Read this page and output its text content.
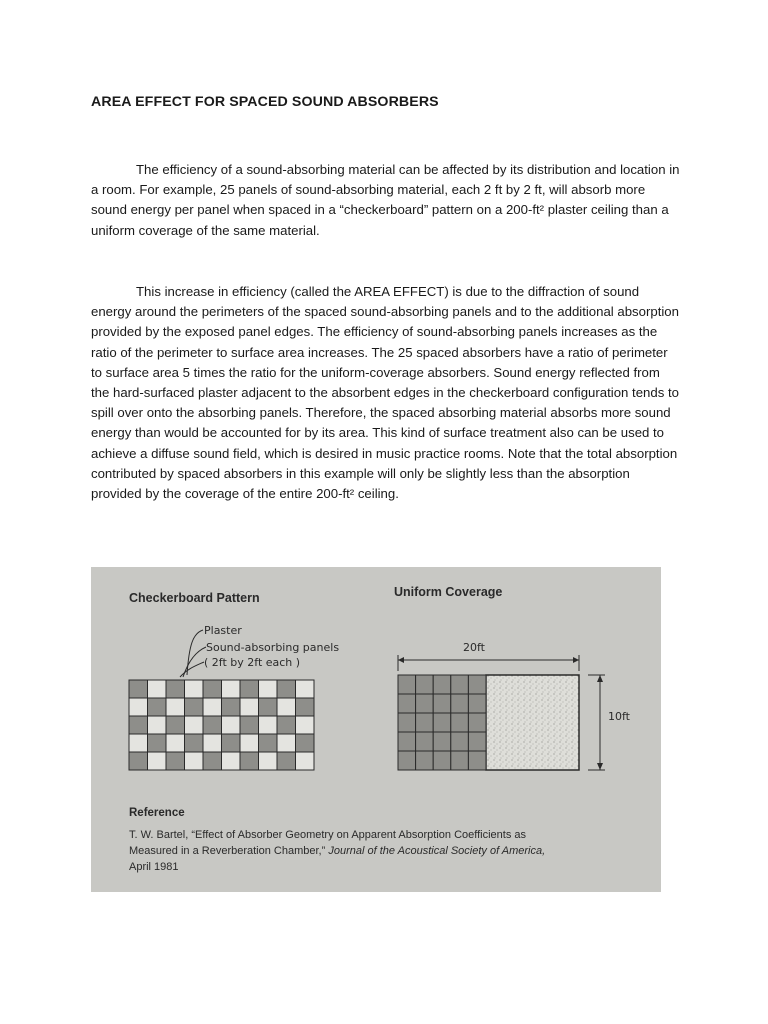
AREA EFFECT FOR SPACED SOUND ABSORBERS

The efficiency of a sound-absorbing material can be affected by its distribution and location in a room. For example, 25 panels of sound-absorbing material, each 2 ft by 2 ft, will absorb more sound energy per panel when spaced in a “checkerboard” pattern on a 200-ft² plaster ceiling than a uniform coverage of the same material.

This increase in efficiency (called the AREA EFFECT) is due to the diffraction of sound energy around the perimeters of the spaced sound-absorbing panels and to the additional absorption provided by the exposed panel edges. The efficiency of sound-absorbing panels increases as the ratio of the perimeter to surface area increases. The 25 spaced absorbers have a ratio of perimeter to surface area 5 times the ratio for the uniform-coverage absorbers. Sound energy reflected from the hard-surfaced plaster adjacent to the absorbent edges in the checkerboard configuration tends to spill over onto the absorbing panels. Therefore, the spaced absorbing material absorbs more sound energy than would be accounted for by its area. This kind of surface treatment also can be used to achieve a diffuse sound field, which is desired in music practice rooms. Note that the total absorption contributed by spaced absorbers in this example will only be slightly less than the absorption provided by the coverage of the entire 200-ft² ceiling.

Checkerboard Pattern
Plaster
Sound-absorbing panels
( 2ft by 2ft each )
Uniform Coverage
20ft
10ft
Reference
T. W. Bartel, “Effect of Absorber Geometry on Apparent Absorption Coefficients as
Measured in a Reverberation Chamber,” Journal of the Acoustical Society of America,
April 1981
